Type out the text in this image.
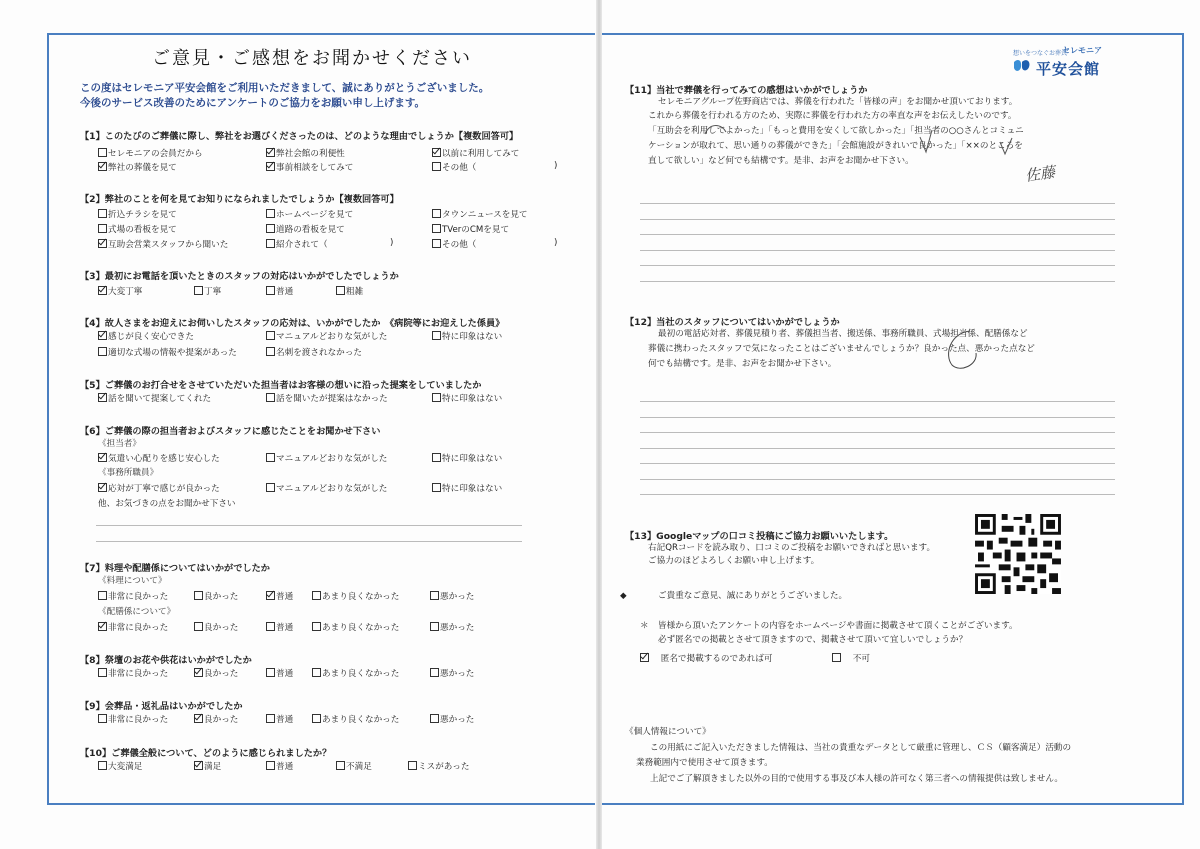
ご意見・ご感想をお聞かせください
この度はセレモニア平安会館をご利用いただきまして、誠にありがとうございました。
今後のサービス改善のためにアンケートのご協力をお願い申し上げます。
【1】このたびのご葬儀に際し、弊社をお選びくださったのは、どのような理由でしょうか【複数回答可】
セレモニアの会員だから	弊社会館の利便性	以前に利用してみて
弊社の葬儀を見て	事前相談をしてみて	その他（	)
【2】弊社のことを何を見てお知りになられましたでしょうか【複数回答可】
折込チラシを見て	ホームページを見て	タウンニュースを見て
式場の看板を見て	道路の看板を見て	TVerのCMを見て
互助会営業スタッフから聞いた	紹介されて（	その他（
)	)
【3】最初にお電話を頂いたときのスタッフの対応はいかがでしたでしょうか
大変丁寧	丁寧	普通	粗雑
【4】故人さまをお迎えにお伺いしたスタッフの応対は、いかがでしたか　《病院等にお迎えした係員》
感じが良く安心できた	マニュアルどおりな気がした	特に印象はない
適切な式場の情報や提案があった	名刺を渡されなかった
【5】ご葬儀のお打合せをさせていただいた担当者はお客様の想いに沿った提案をしていましたか
話を聞いて提案してくれた	話を聞いたが提案はなかった	特に印象はない
【6】ご葬儀の際の担当者およびスタッフに感じたことをお聞かせ下さい
《担当者》
気遣い心配りを感じ安心した	マニュアルどおりな気がした	特に印象はない
《事務所職員》
応対が丁寧で感じが良かった	マニュアルどおりな気がした	特に印象はない
他、お気づきの点をお聞かせ下さい
【7】料理や配膳係についてはいかがでしたか
《料理について》
非常に良かった	良かった	普通	あまり良くなかった	悪かった
《配膳係について》
非常に良かった	良かった	普通	あまり良くなかった	悪かった
【8】祭壇のお花や供花はいかがでしたか
非常に良かった	良かった	普通	あまり良くなかった	悪かった
【9】会葬品・返礼品はいかがでしたか
非常に良かった	良かった	普通	あまり良くなかった	悪かった
【10】ご葬儀全般について、どのように感じられましたか？
大変満足	満足	普通	不満足	ミスがあった
想いをつなぐお葬式
セレモニア
平安会館
【11】当社で葬儀を行ってみての感想はいかがでしょうか
セレモニアグループ佐野商店では、葬儀を行われた「皆様の声」をお聞かせ頂いております。
これから葬儀を行われる方のため、実際に葬儀を行われた方の率直な声をお伝えしたいのです。
「互助会を利用してよかった」「もっと費用を安くして欲しかった」「担当者の○○さんとコミュニ
ケーションが取れて、思い通りの葬儀ができた」「会館施設がきれいで良かった」「××のところを
直して欲しい」など何でも結構です。是非、お声をお聞かせ下さい。
佐藤
【12】当社のスタッフについてはいかがでしょうか
最初の電話応対者、葬儀見積り者、葬儀担当者、搬送係、事務所職員、式場担当係、配膳係など
葬儀に携わったスタッフで気になったことはございませんでしょうか？良かった点、悪かった点など
何でも結構です。是非、お声をお聞かせ下さい。
【13】Googleマップの口コミ投稿にご協力お願いいたします。
右記QRコードを読み取り、口コミのご投稿をお願いできればと思います。
ご協力のほどよろしくお願い申し上げます。
◆	ご貴重なご意見、誠にありがとうございました。
＊ 皆様から頂いたアンケートの内容をホームページや書面に掲載させて頂くことがございます。
必ず匿名での掲載とさせて頂きますので、掲載させて頂いて宜しいでしょうか？
匿名で掲載するのであれば可	不可
《個人情報について》
この用紙にご記入いただきました情報は、当社の貴重なデータとして厳重に管理し、ＣＳ（顧客満足）活動の
業務範囲内で使用させて頂きます。
上記でご了解頂きました以外の目的で使用する事及び本人様の許可なく第三者への情報提供は致しません。
